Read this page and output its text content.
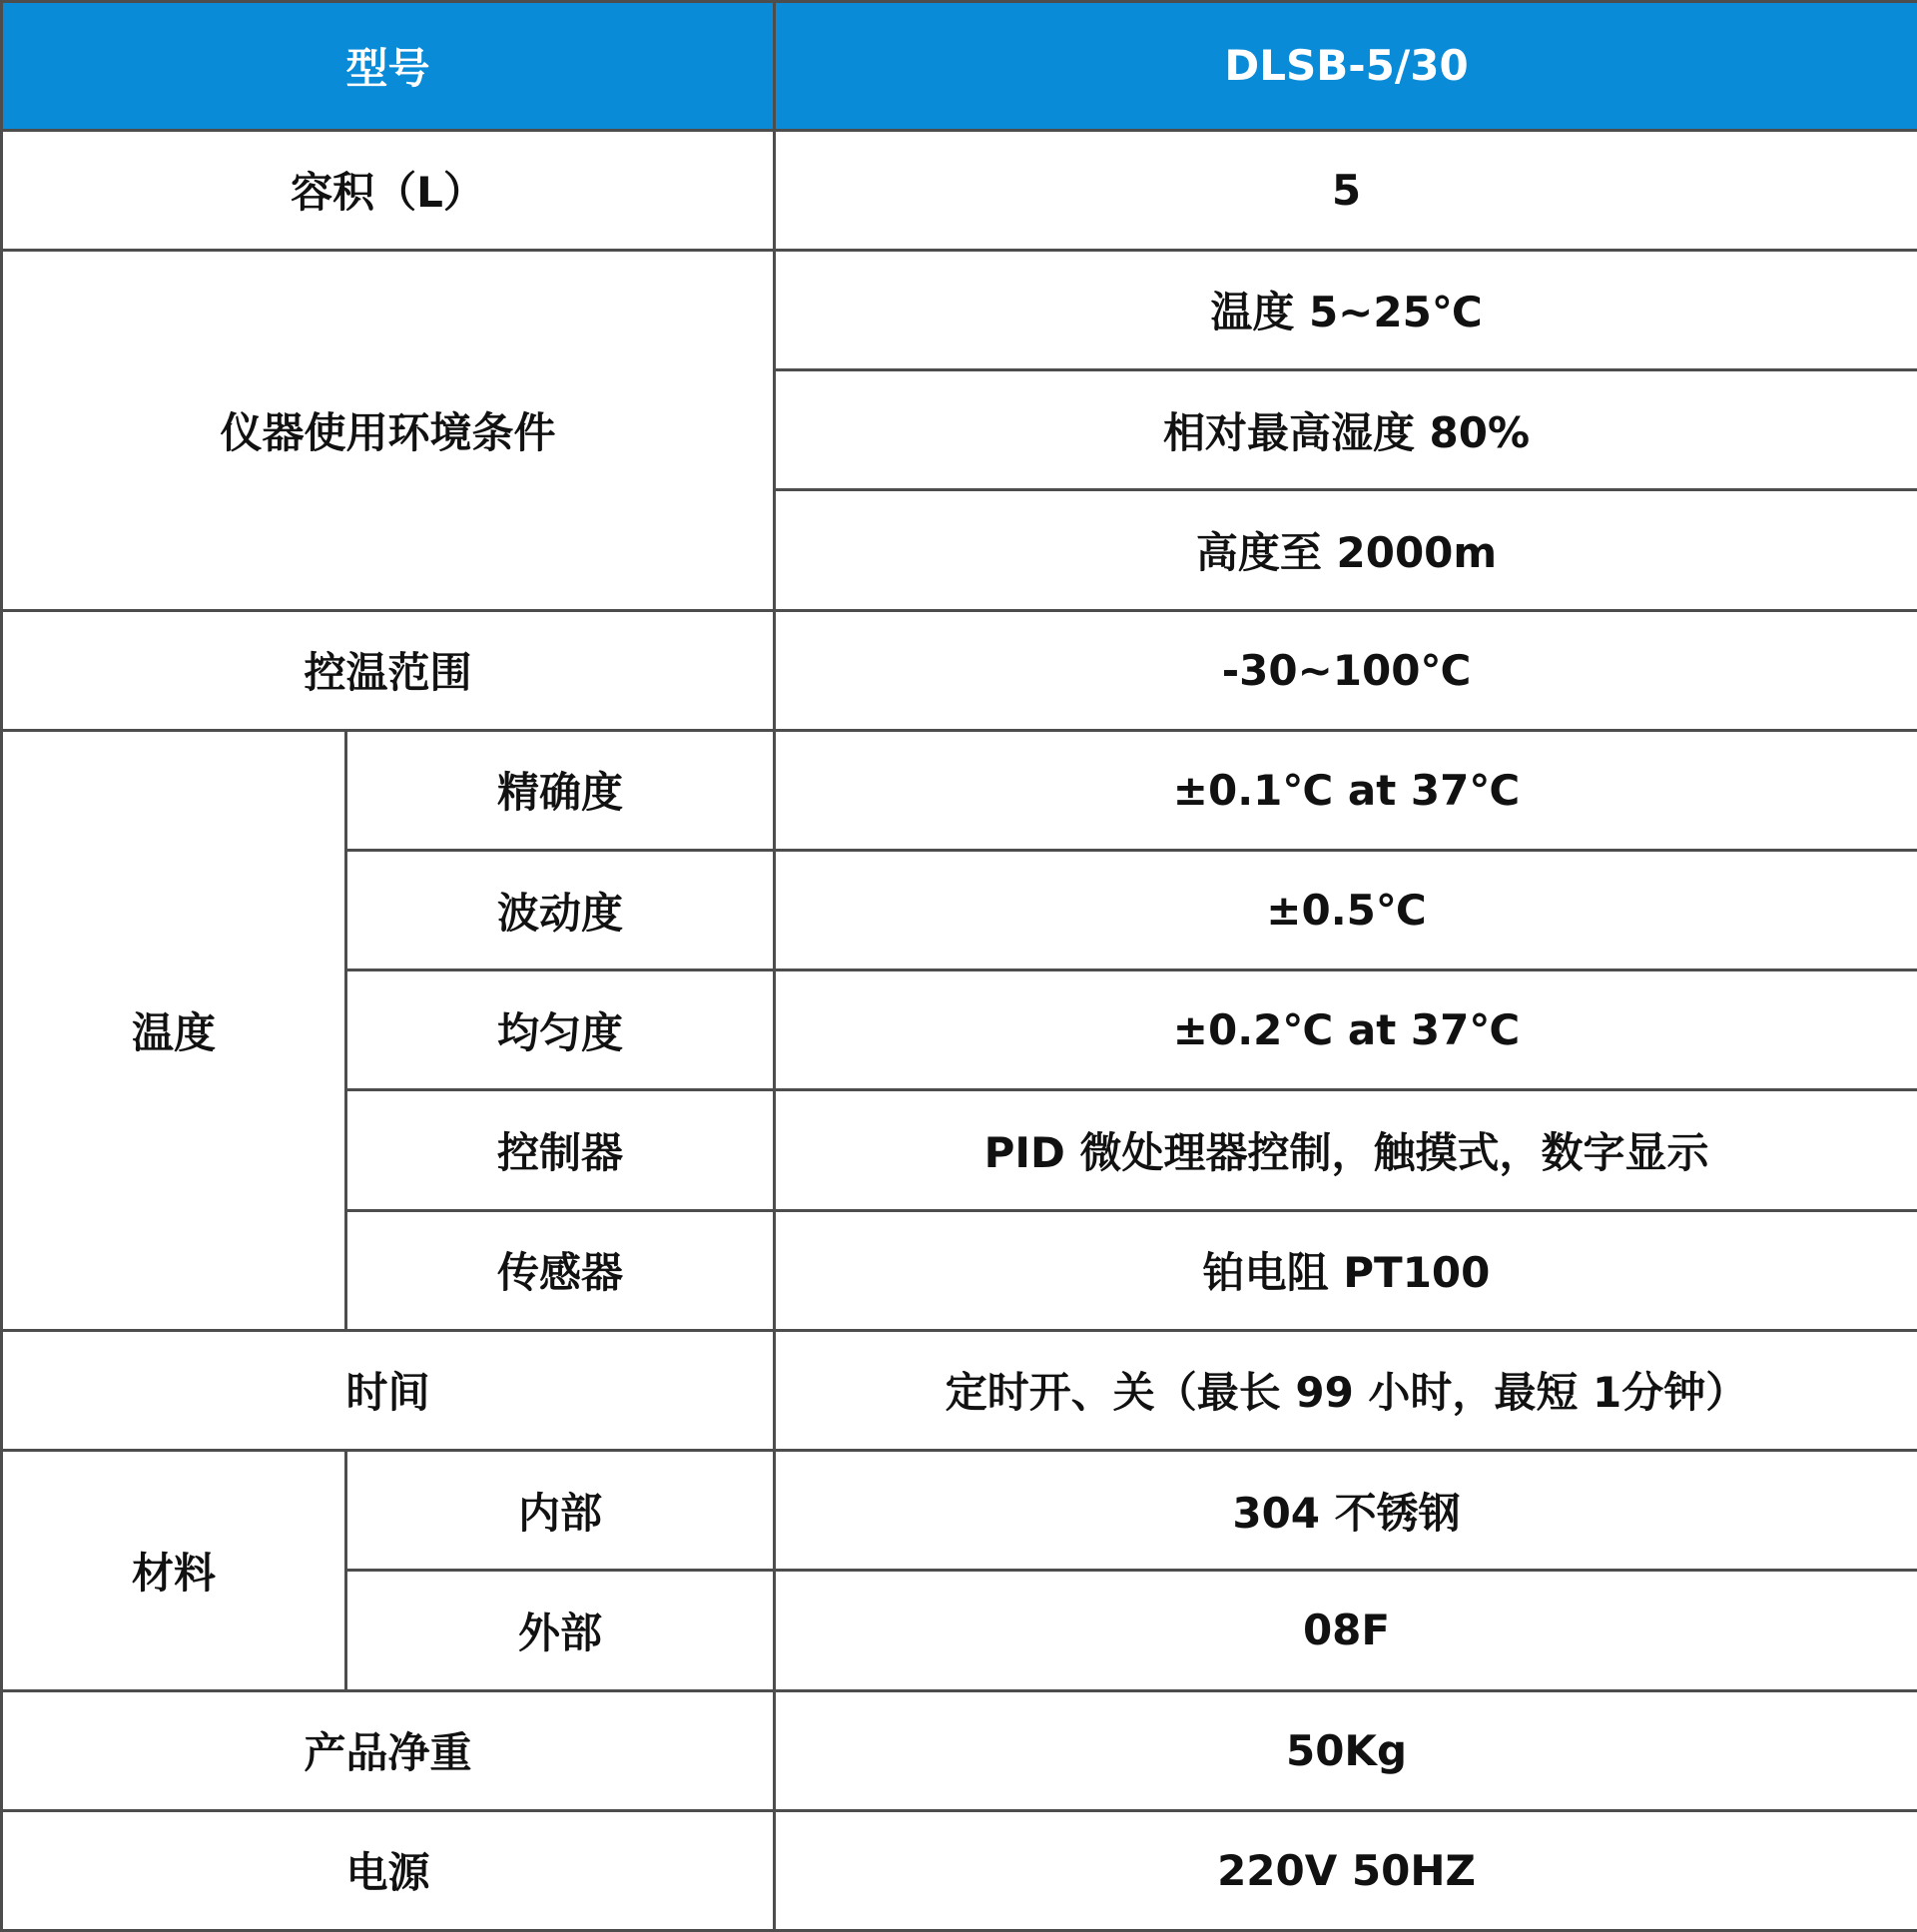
型号		DLSB-5/30
容积（L）		5
仪器使用环境条件		温度 5~25℃
		相对最高湿度 80%
		高度至 2000m
控温范围		-30~100℃
温度	精确度	±0.1℃ at 37℃
	波动度	±0.5℃
	均匀度	±0.2℃ at 37℃
	控制器	PID 微处理器控制，触摸式，数字显示
	传感器	铂电阻 PT100
时间		定时开、关（最长 99 小时，最短 1分钟）
材料	内部	304 不锈钢
	外部	08F
产品净重		50Kg
电源		220V 50HZ
